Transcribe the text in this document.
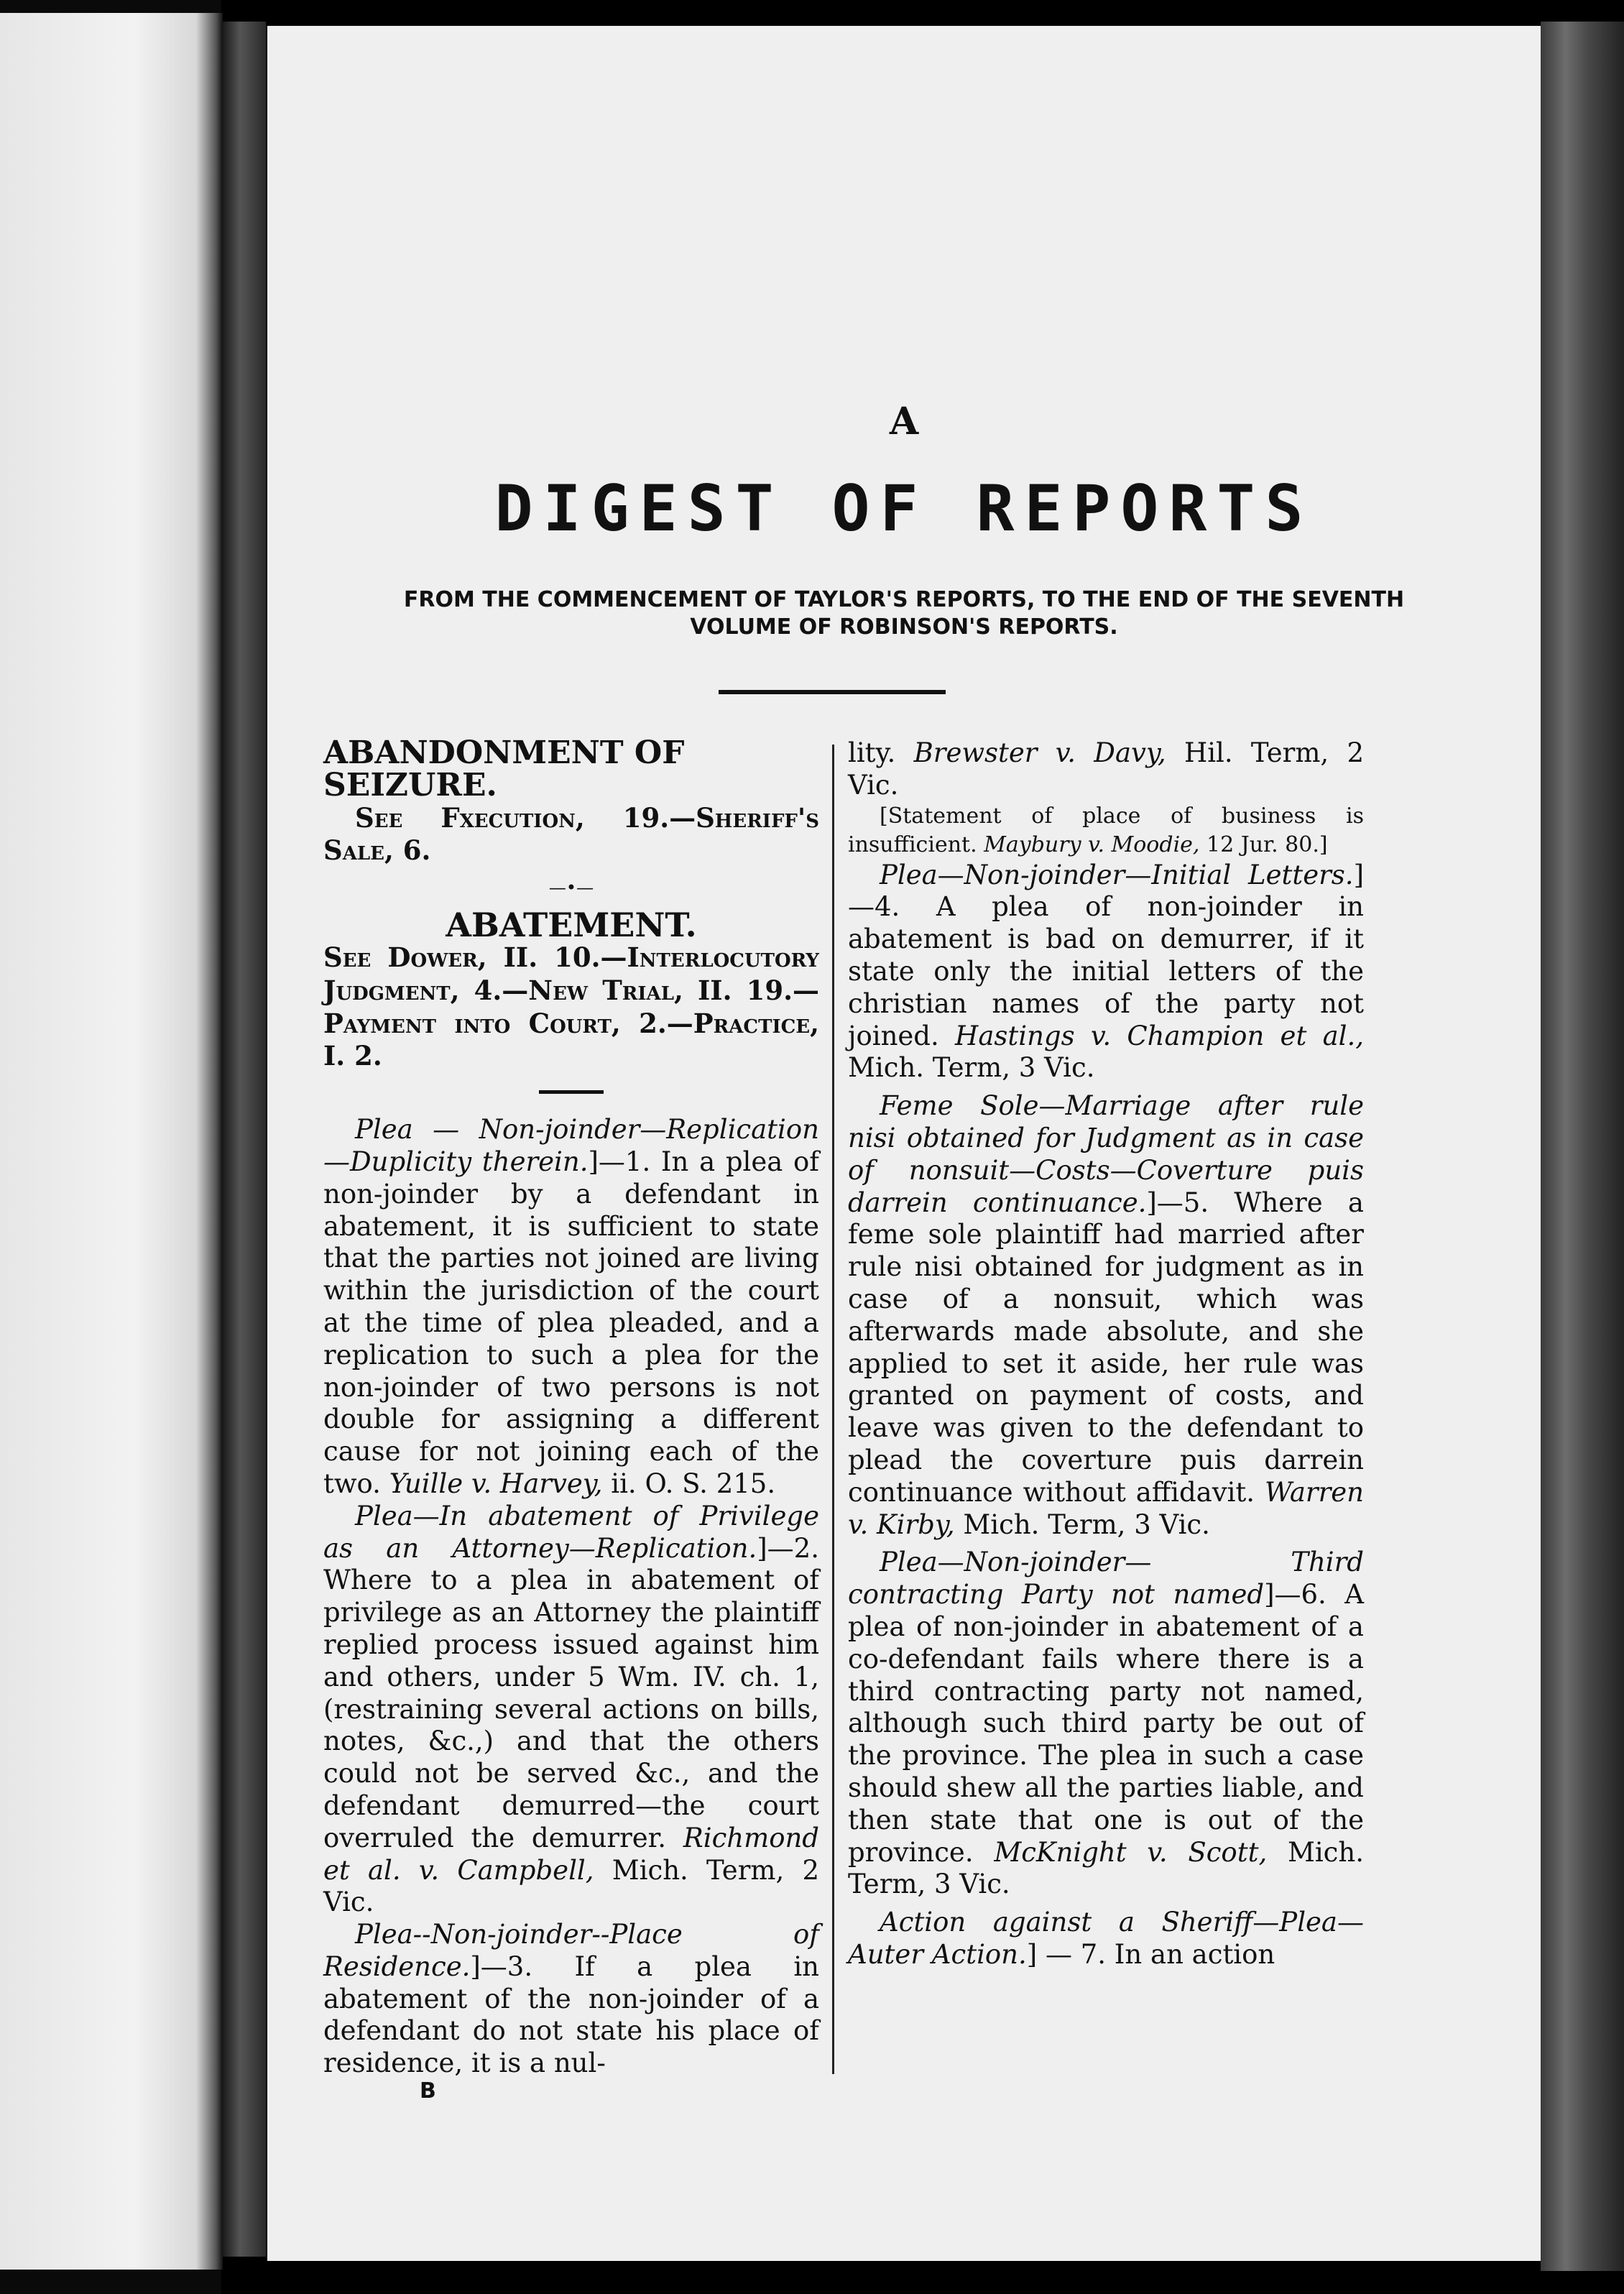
A
DIGEST OF REPORTS
FROM THE COMMENCEMENT OF TAYLOR'S REPORTS, TO THE END OF THE SEVENTH
VOLUME OF ROBINSON'S REPORTS.

ABANDONMENT OF SEIZURE.

See Fxecution, 19.—Sheriff's Sale, 6.

—•—

ABATEMENT.

See Dower, II. 10.—Interlocutory Judgment, 4.—New Trial, II. 19.—Payment into Court, 2.—Practice, I. 2.

Plea — Non-joinder—Replication —Duplicity therein.]—1. In a plea of non-joinder by a defendant in abatement, it is sufficient to state that the parties not joined are living within the jurisdiction of the court at the time of plea pleaded, and a replication to such a plea for the non-joinder of two persons is not double for assigning a different cause for not joining each of the two. Yuille v. Harvey, ii. O. S. 215.

Plea—In abatement of Privilege as an Attorney—Replication.]—2. Where to a plea in abatement of privilege as an Attorney the plaintiff replied process issued against him and others, under 5 Wm. IV. ch. 1, (restraining several actions on bills, notes, &c.,) and that the others could not be served &c., and the defendant demurred—the court overruled the demurrer. Richmond et al. v. Campbell, Mich. Term, 2 Vic.

Plea--Non-joinder--Place of Residence.]—3. If a plea in abatement of the non-joinder of a defendant do not state his place of residence, it is a nul-

lity. Brewster v. Davy, Hil. Term, 2 Vic.

[Statement of place of business is insufficient. Maybury v. Moodie, 12 Jur. 80.]

Plea—Non-joinder—Initial Letters.]—4. A plea of non-joinder in abatement is bad on demurrer, if it state only the initial letters of the christian names of the party not joined. Hastings v. Champion et al., Mich. Term, 3 Vic.

Feme Sole—Marriage after rule nisi obtained for Judgment as in case of nonsuit—Costs—Coverture puis darrein continuance.]—5. Where a feme sole plaintiff had married after rule nisi obtained for judgment as in case of a nonsuit, which was afterwards made absolute, and she applied to set it aside, her rule was granted on payment of costs, and leave was given to the defendant to plead the coverture puis darrein continuance without affidavit. Warren v. Kirby, Mich. Term, 3 Vic.

Plea—Non-joinder— Third contracting Party not named]—6. A plea of non-joinder in abatement of a co-defendant fails where there is a third contracting party not named, although such third party be out of the province. The plea in such a case should shew all the parties liable, and then state that one is out of the province. McKnight v. Scott, Mich. Term, 3 Vic.

Action against a Sheriff—Plea—Auter Action.] — 7. In an action

B
